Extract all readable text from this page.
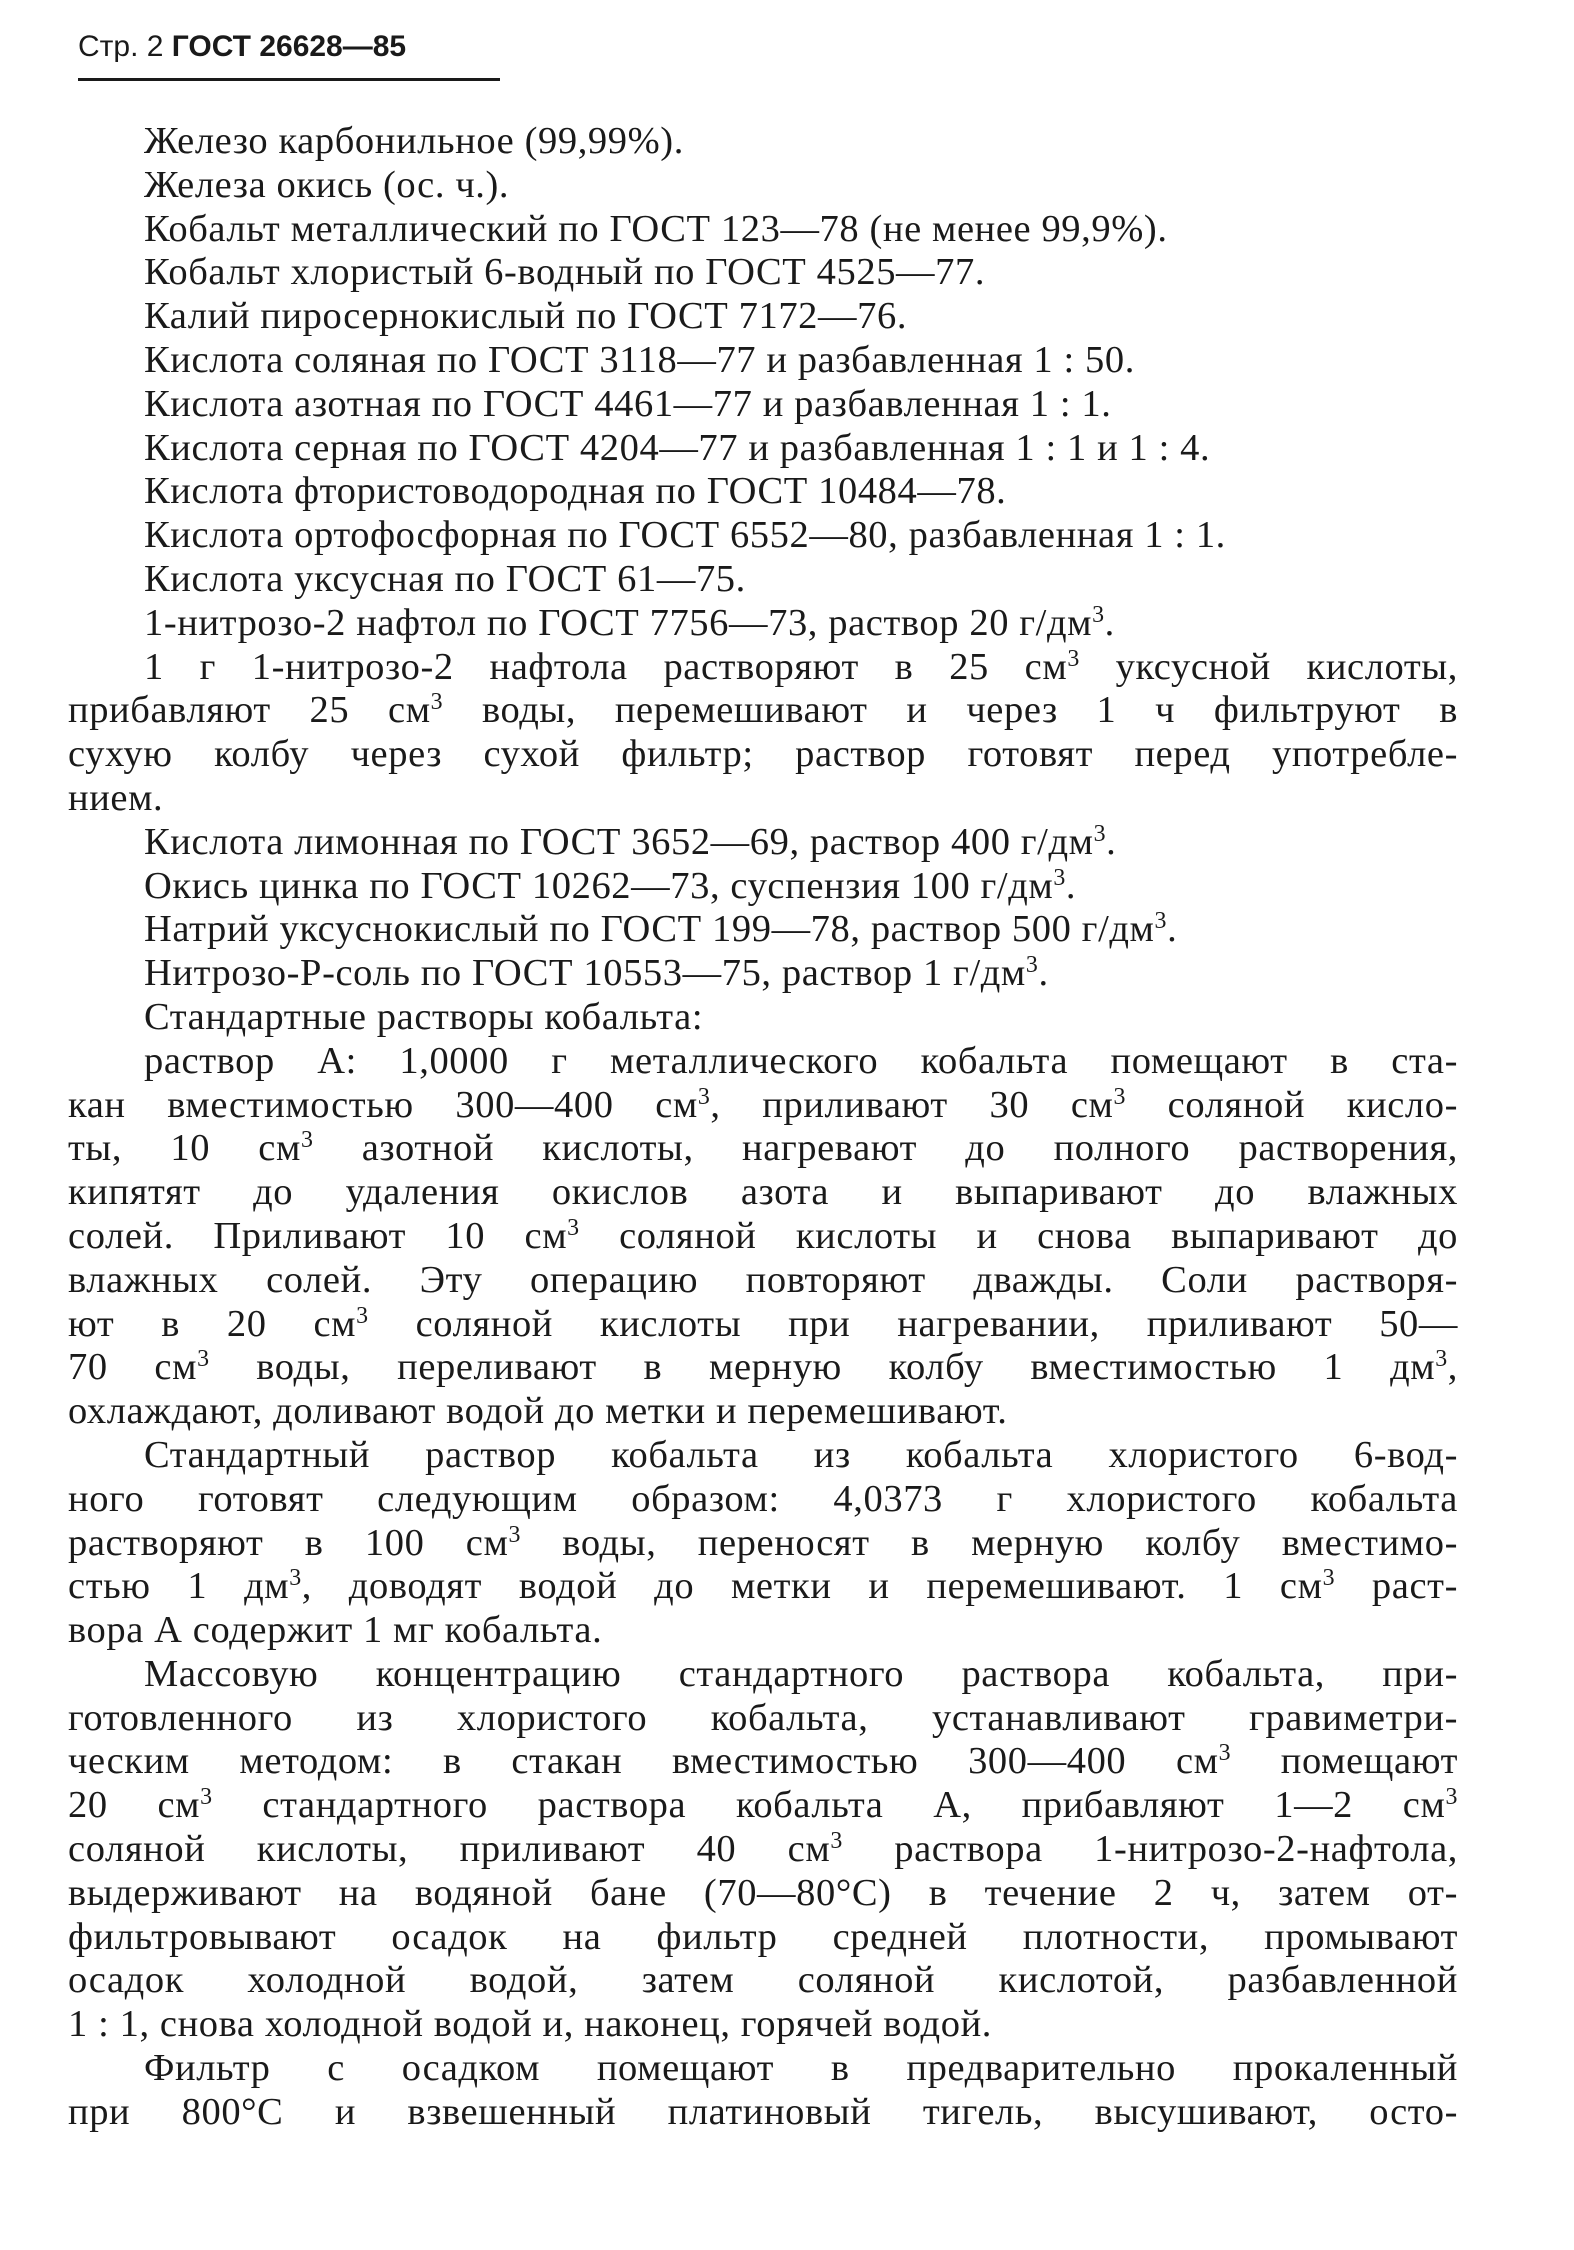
Стр. 2 ГОСТ 26628—85
Железо карбонильное (99,99%).
Железа окись (ос. ч.).
Кобальт металлический по ГОСТ 123—78 (не менее 99,9%).
Кобальт хлористый 6-водный по ГОСТ 4525—77.
Калий пиросернокислый по ГОСТ 7172—76.
Кислота соляная по ГОСТ 3118—77 и разбавленная 1 : 50.
Кислота азотная по ГОСТ 4461—77 и разбавленная 1 : 1.
Кислота серная по ГОСТ 4204—77 и разбавленная 1 : 1 и 1 : 4.
Кислота фтористоводородная по ГОСТ 10484—78.
Кислота ортофосфорная по ГОСТ 6552—80, разбавленная 1 : 1.
Кислота уксусная по ГОСТ 61—75.
1-нитрозо-2 нафтол по ГОСТ 7756—73, раствор 20 $г/дм^3$.
1 г 1-нитрозо-2 нафтола растворяют в 25 $см^3$ уксусной кислоты,
прибавляют 25 $см^3$ воды, перемешивают и через 1 ч фильтруют в
сухую колбу через сухой фильтр; раствор готовят перед употребле-
нием.
Кислота лимонная по ГОСТ 3652—69, раствор 400 $г/дм^3$.
Окись цинка по ГОСТ 10262—73, суспензия 100 $г/дм^3$.
Натрий уксуснокислый по ГОСТ 199—78, раствор 500 $г/дм^3$.
Нитрозо-Р-соль по ГОСТ 10553—75, раствор 1 $г/дм^3$.
Стандартные растворы кобальта:
раствор А: 1,0000 г металлического кобальта помещают в ста-
кан вместимостью 300—400 $см^3$, приливают 30 $см^3$ соляной кисло-
ты, 10 $см^3$ азотной кислоты, нагревают до полного растворения,
кипятят до удаления окислов азота и выпаривают до влажных
солей. Приливают 10 $см^3$ соляной кислоты и снова выпаривают до
влажных солей. Эту операцию повторяют дважды. Соли растворя-
ют в 20 $см^3$ соляной кислоты при нагревании, приливают 50—
70 $см^3$ воды, переливают в мерную колбу вместимостью 1 $дм^3$,
охлаждают, доливают водой до метки и перемешивают.
Стандартный раствор кобальта из кобальта хлористого 6-вод-
ного готовят следующим образом: 4,0373 г хлористого кобальта
растворяют в 100 $см^3$ воды, переносят в мерную колбу вместимо-
стью 1 $дм^3$, доводят водой до метки и перемешивают. 1 $см^3$ раст-
вора А содержит 1 мг кобальта.
Массовую концентрацию стандартного раствора кобальта, при-
готовленного из хлористого кобальта, устанавливают гравиметри-
ческим методом: в стакан вместимостью 300—400 $см^3$ помещают
20 $см^3$ стандартного раствора кобальта А, прибавляют 1—2 $см^3$
соляной кислоты, приливают 40 $см^3$ раствора 1-нитрозо-2-нафтола,
выдерживают на водяной бане (70—80°С) в течение 2 ч, затем от-
фильтровывают осадок на фильтр средней плотности, промывают
осадок холодной водой, затем соляной кислотой, разбавленной
1 : 1, снова холодной водой и, наконец, горячей водой.
Фильтр с осадком помещают в предварительно прокаленный
при 800°С и взвешенный платиновый тигель, высушивают, осто-
